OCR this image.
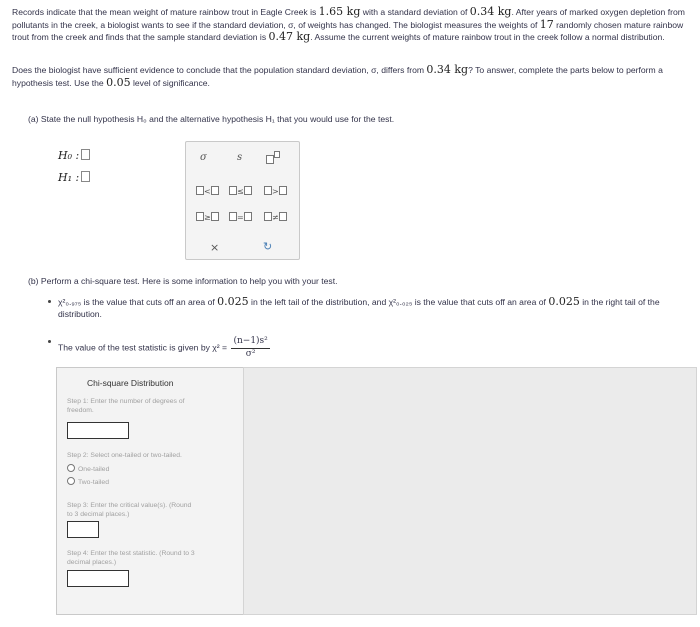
Records indicate that the mean weight of mature rainbow trout in Eagle Creek is 1.65 kg with a standard deviation of 0.34 kg. After years of marked oxygen depletion from pollutants in the creek, a biologist wants to see if the standard deviation, σ, of weights has changed. The biologist measures the weights of 17 randomly chosen mature rainbow trout from the creek and finds that the sample standard deviation is 0.47 kg. Assume the current weights of mature rainbow trout in the creek follow a normal distribution.
Does the biologist have sufficient evidence to conclude that the population standard deviation, σ, differs from 0.34 kg? To answer, complete the parts below to perform a hypothesis test. Use the 0.05 level of significance.
(a) State the null hypothesis H₀ and the alternative hypothesis H₁ that you would use for the test.
H₀ :
H₁ :
σ	s
<	≤	>
≥	=	≠
×	↻
(b) Perform a chi-square test. Here is some information to help you with your test.
χ²₀.₉₇₅ is the value that cuts off an area of 0.025 in the left tail of the distribution, and χ²₀.₀₂₅ is the value that cuts off an area of 0.025 in the right tail of the distribution.
The value of the test statistic is given by $\chi^2 = \frac{\text{(n−1)s²}}{\text{σ²}}$
Chi-square Distribution
Step 1: Enter the number of degrees of freedom.
Step 2: Select one-tailed or two-tailed.
One-tailed
Two-tailed
Step 3: Enter the critical value(s). (Round to 3 decimal places.)
Step 4: Enter the test statistic. (Round to 3 decimal places.)
